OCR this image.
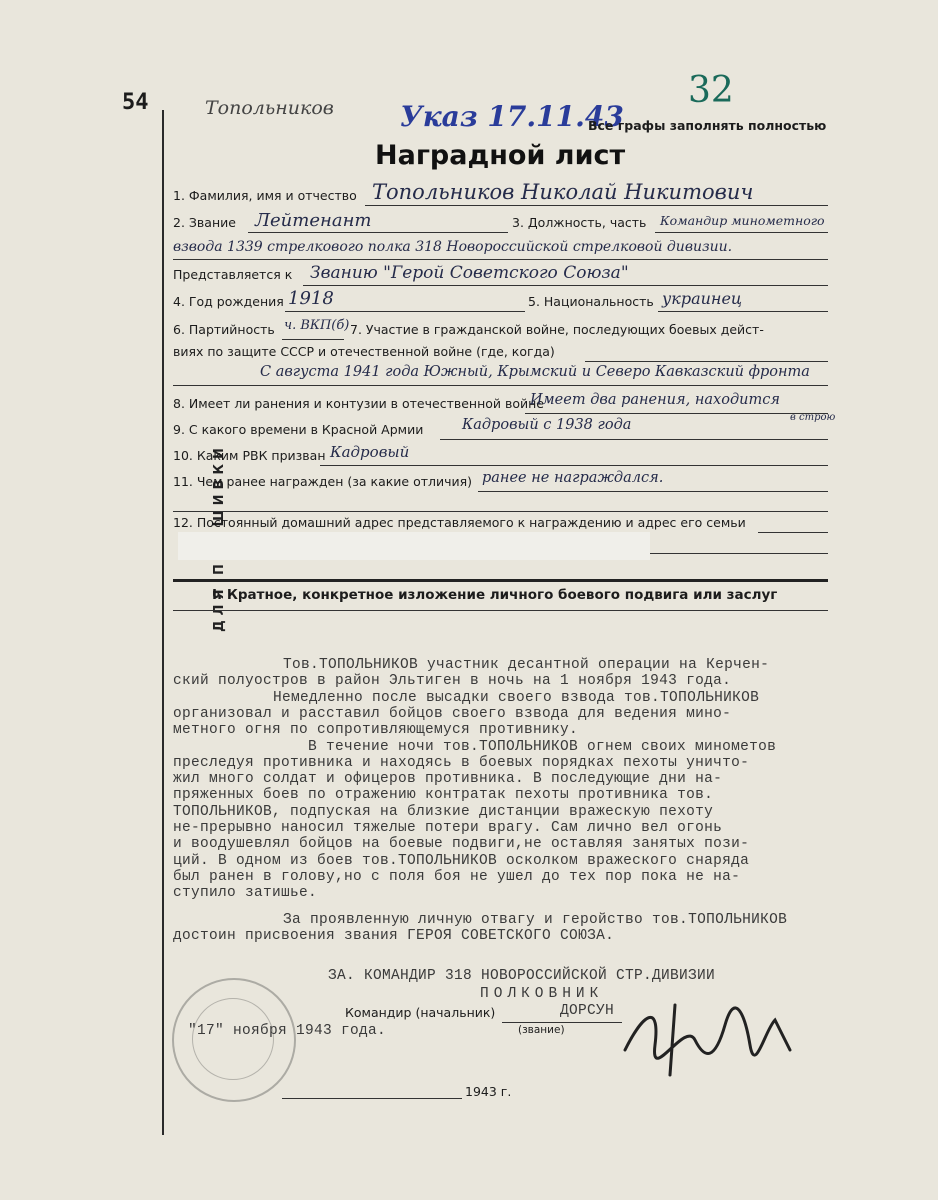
54	Топольников Указ 17.11.43
32
Все графы заполнять полностью
Наградной лист
1. Фамилия, имя и отчество Топольников Николай Никитович
2. Звание Лейтенант	3. Должность, часть Командир минометного
взвода 1339 стрелкового полка 318 Новороссийской стрелковой дивизии.
Представляется к Званию "Герой Советского Союза"
4. Год рождения 1918	5. Национальность украинец
6. Партийность ч. ВКП(б) 7. Участие в гражданской войне, последующих боевых дейст-
виях по защите СССР и отечественной войне (где, когда)
С августа 1941 года Южный, Крымский и Северо Кавказский фронта
8. Имеет ли ранения и контузии в отечественной войне
Имеет два ранения, находится
в строю
9. С какого времени в Красной Армии	Кадровый с 1938 года
10. Каким РВК призван Кадровый
11. Чем ранее награжден (за какие отличия) ранее не награждался.
12. Постоянный домашний адрес представляемого к награждению и адрес его семьи
I. Кратное, конкретное изложение личного боевого подвига или заслуг
Тов.ТОПОЛЬНИКОВ участник десантной операции на Керчен-
ский полуостров в район Эльтиген в ночь на 1 ноября 1943 года.
Немедленно после высадки своего взвода тов.ТОПОЛЬНИКОВ
организовал и расставил бойцов своего взвода для ведения мино-
метного огня по сопротивляющемуся противнику.
В течение ночи тов.ТОПОЛЬНИКОВ огнем своих минометов
преследуя противника и находясь в боевых порядках пехоты уничто-
жил много солдат и офицеров противника. В последующие дни на-
пряженных боев по отражению контратак пехоты противника тов.
ТОПОЛЬНИКОВ, подпуская на близкие дистанции вражескую пехоту
не-прерывно наносил тяжелые потери врагу. Сам лично вел огонь
и воодушевлял бойцов на боевые подвиги,не оставляя занятых пози-
ций. В одном из боев тов.ТОПОЛЬНИКОВ осколком вражеского снаряда
был ранен в голову,но с поля боя не ушел до тех пор пока не на-
ступило затишье.
За проявленную личную отвагу и геройство тов.ТОПОЛЬНИКОВ
достоин присвоения звания ГЕРОЯ СОВЕТСКОГО СОЮЗА.
ЗА. КОМАНДИР 318 НОВОРОССИЙСКОЙ СТР.ДИВИЗИИ
ПОЛКОВНИК
Командир (начальник)	ДОРСУН
(звание)
"17" ноября 1943 года.
1943 г.
